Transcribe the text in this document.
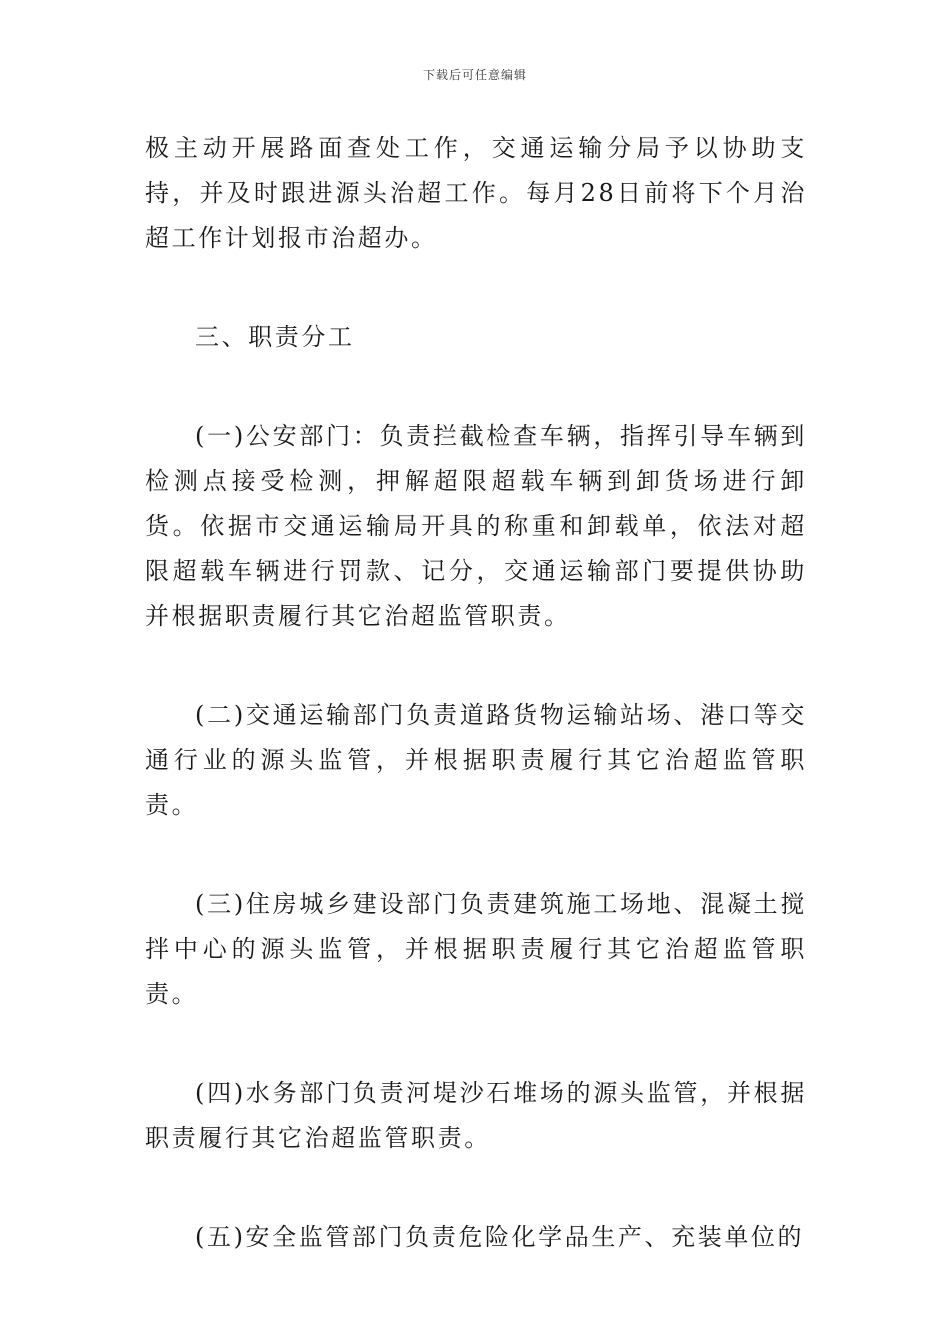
下载后可任意编辑

极主动开展路面查处工作，交通运输分局予以协助支持，并及时跟进源头治超工作。每月28日前将下个月治超工作计划报市治超办。

三、职责分工

(一)公安部门：负责拦截检查车辆，指挥引导车辆到检测点接受检测，押解超限超载车辆到卸货场进行卸货。依据市交通运输局开具的称重和卸载单，依法对超限超载车辆进行罚款、记分，交通运输部门要提供协助并根据职责履行其它治超监管职责。

(二)交通运输部门负责道路货物运输站场、港口等交通行业的源头监管，并根据职责履行其它治超监管职责。

(三)住房城乡建设部门负责建筑施工场地、混凝土搅拌中心的源头监管，并根据职责履行其它治超监管职责。

(四)水务部门负责河堤沙石堆场的源头监管，并根据职责履行其它治超监管职责。

(五)安全监管部门负责危险化学品生产、充装单位的
